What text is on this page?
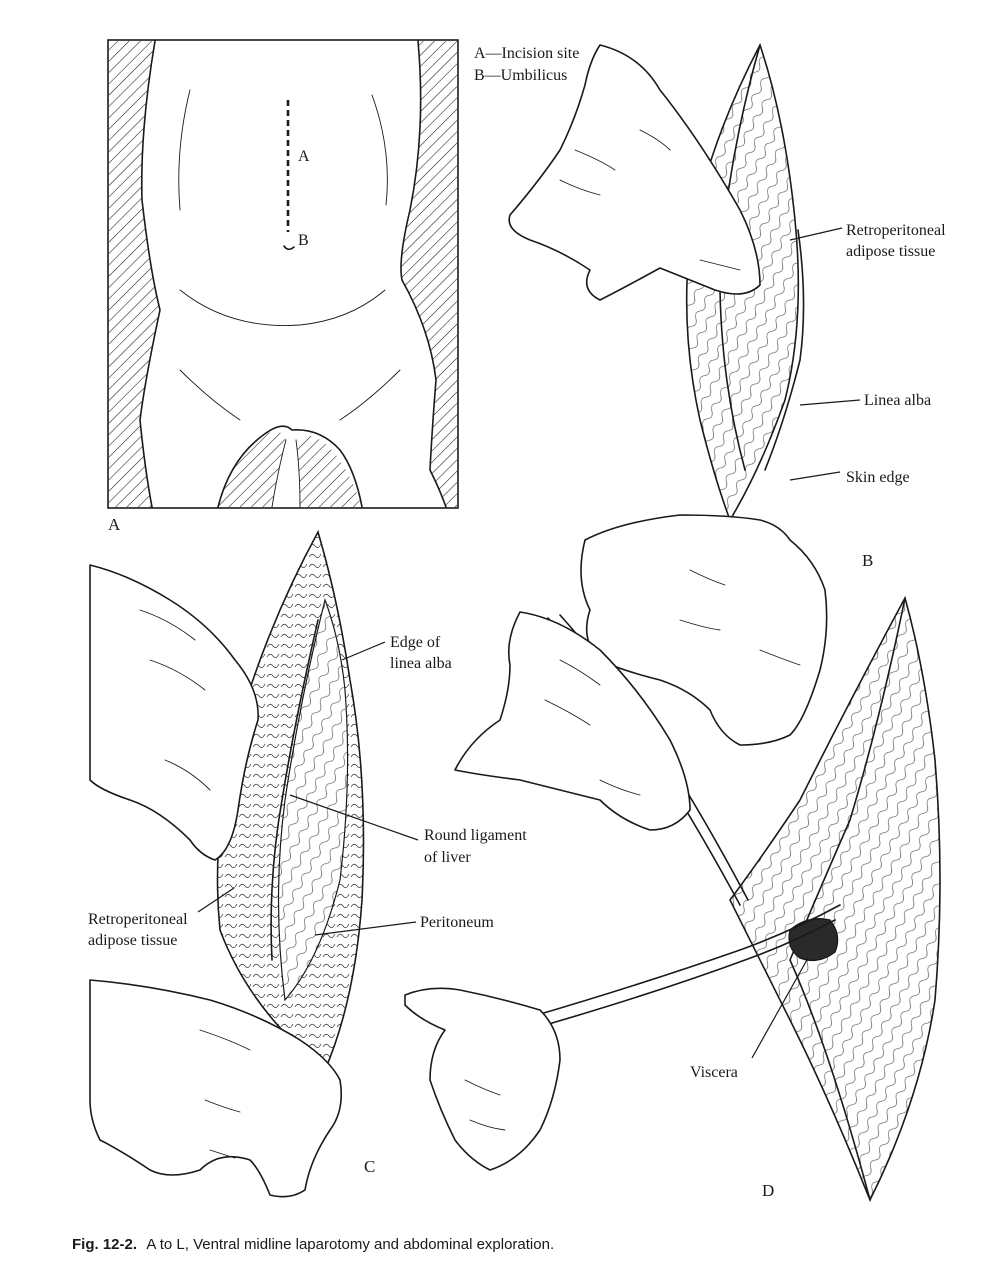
A
B
A
A—Incision site
B—Umbilicus
Retroperitoneal
adipose tissue
Linea alba
Skin edge
B
Edge of
linea alba
Round ligament
of liver
Retroperitoneal
adipose tissue
Peritoneum
C
Viscera
D
Fig. 12-2. A to L, Ventral midline laparotomy and abdominal exploration.
